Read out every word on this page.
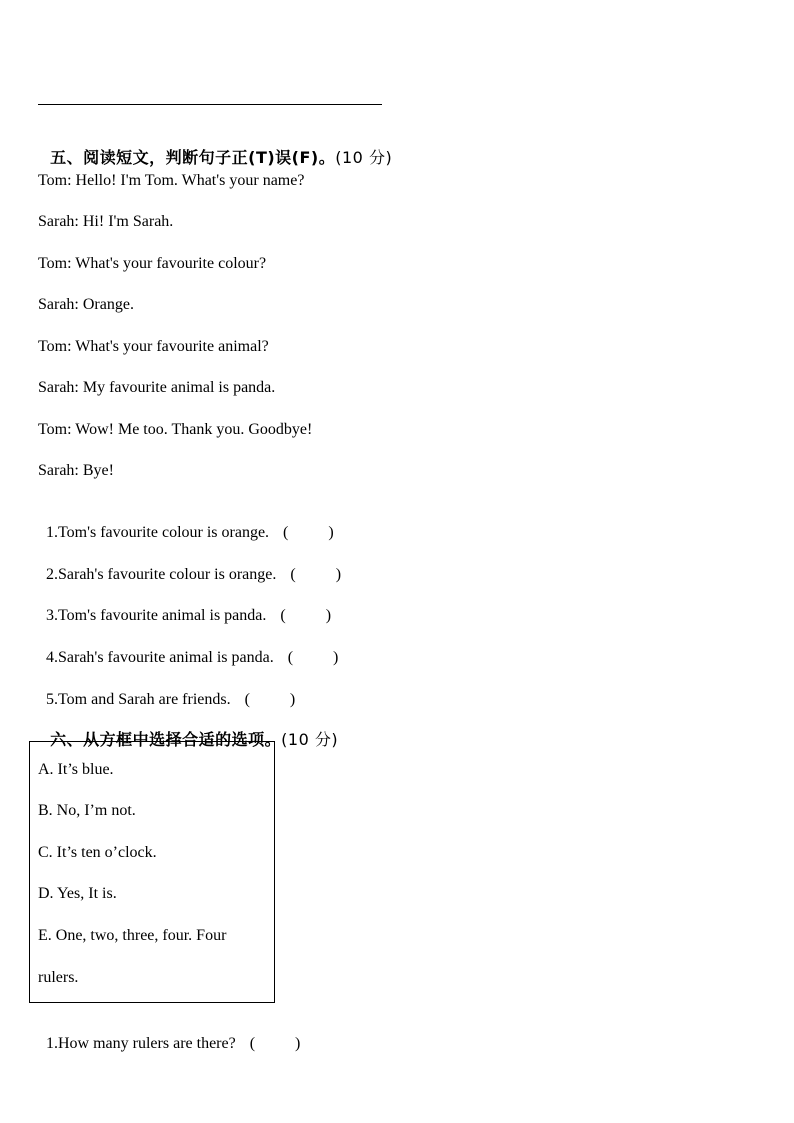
五、阅读短文，判断句子正(T)误(F)。(10 分)

Tom: Hello! I'm Tom. What's your name?
Sarah: Hi! I'm Sarah.
Tom: What's your favourite colour?
Sarah: Orange.
Tom: What's your favourite animal?
Sarah: My favourite animal is panda.
Tom: Wow! Me too. Thank you. Goodbye!
Sarah: Bye!

1.Tom's favourite colour is orange. (          )

2.Sarah's favourite colour is orange. (          )

3.Tom's favourite animal is panda. (          )

4.Sarah's favourite animal is panda. (          )

5.Tom and Sarah are friends. (          )

六、从方框中选择合适的选项。(10 分)

A. It’s blue.
B. No, I’m not.
C. It’s ten o’clock.
D. Yes, It is.
E. One, two, three, four. Four
rulers.

1.How many rulers are there? (          )
